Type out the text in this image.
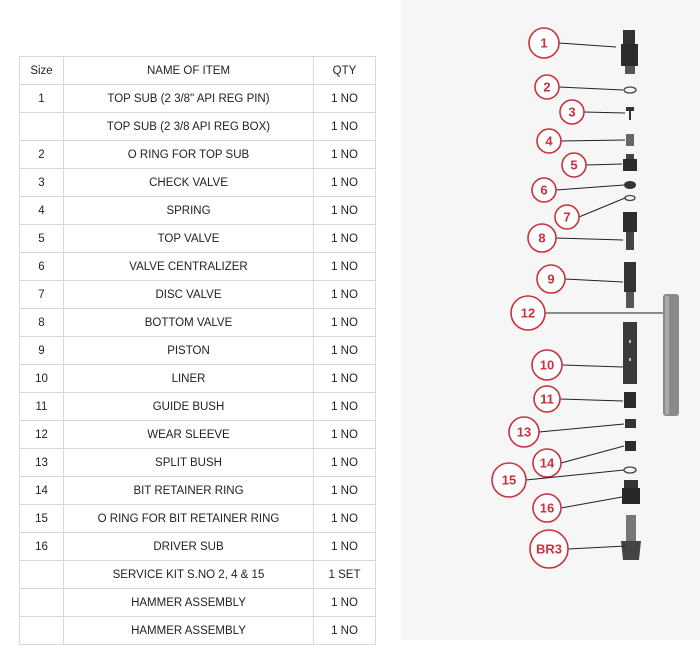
Size	NAME OF ITEM	QTY
1	TOP SUB (2 3/8" API REG PIN)	1 NO
	TOP SUB (2 3/8 API REG BOX)	1 NO
2	O RING FOR TOP SUB	1 NO
3	CHECK VALVE	1 NO
4	SPRING	1 NO
5	TOP VALVE	1 NO
6	VALVE CENTRALIZER	1 NO
7	DISC VALVE	1 NO
8	BOTTOM VALVE	1 NO
9	PISTON	1 NO
10	LINER	1 NO
11	GUIDE BUSH	1 NO
12	WEAR SLEEVE	1 NO
13	SPLIT BUSH	1 NO
14	BIT RETAINER RING	1 NO
15	O RING FOR BIT RETAINER RING	1 NO
16	DRIVER SUB	1 NO
	SERVICE KIT S.NO 2, 4 & 15	1 SET
	HAMMER ASSEMBLY	1 NO
	HAMMER ASSEMBLY	1 NO
1
2
3
4
5
6
7
8
9
12
10
11
13
14
15
16
BR3
